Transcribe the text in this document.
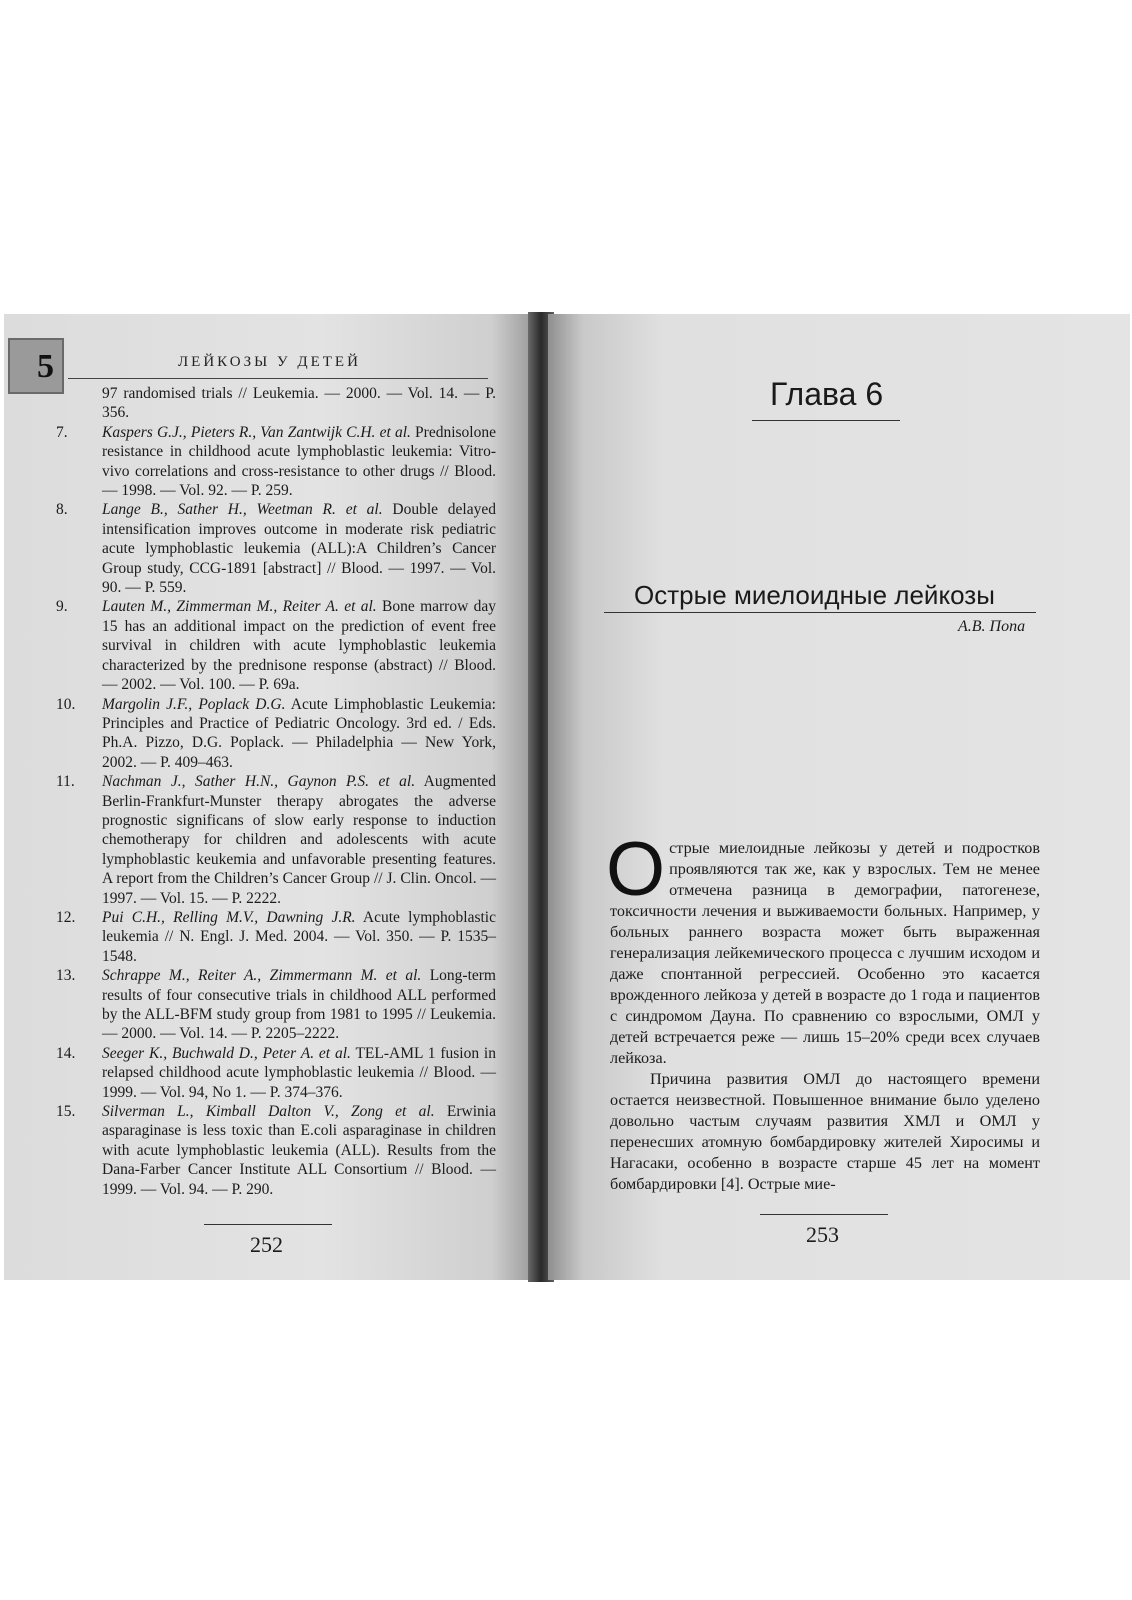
5	ЛЕЙКОЗЫ У ДЕТЕЙ
97 randomised trials // Leukemia. — 2000. — Vol. 14. — P. 356.
7.	Kaspers G.J., Pieters R., Van Zantwijk C.H. et al. Prednisolone resistance in childhood acute lymphoblastic leukemia: Vitro-vivo correlations and cross-resistance to other drugs // Blood. — 1998. — Vol. 92. — P. 259.
8.	Lange B., Sather H., Weetman R. et al. Double delayed intensification improves outcome in moderate risk pediatric acute lymphoblastic leukemia (ALL):A Children’s Cancer Group study, CCG-1891 [abstract] // Blood. — 1997. — Vol. 90. — P. 559.
9.	Lauten M., Zimmerman M., Reiter A. et al. Bone marrow day 15 has an additional impact on the prediction of event free survival in children with acute lymphoblastic leukemia characterized by the prednisone response (abstract) // Blood. — 2002. — Vol. 100. — P. 69a.
10.	Margolin J.F., Poplack D.G. Acute Limphoblastic Leukemia: Principles and Practice of Pediatric Oncology. 3rd ed. / Eds. Ph.A. Pizzo, D.G. Poplack. — Philadelphia — New York, 2002. — P. 409–463.
11.	Nachman J., Sather H.N., Gaynon P.S. et al. Augmented Berlin-Frankfurt-Munster therapy abrogates the adverse prognostic significans of slow early response to induction chemotherapy for children and adolescents with acute lymphoblastic keukemia and unfavorable presenting features. A report from the Children’s Cancer Group // J. Clin. Oncol. — 1997. — Vol. 15. — P. 2222.
12.	Pui C.H., Relling M.V., Dawning J.R. Acute lymphoblastic leukemia // N. Engl. J. Med. 2004. — Vol. 350. — P. 1535–1548.
13.	Schrappe M., Reiter A., Zimmermann M. et al. Long-term results of four consecutive trials in childhood ALL performed by the ALL-BFM study group from 1981 to 1995 // Leukemia. — 2000. — Vol. 14. — P. 2205–2222.
14.	Seeger K., Buchwald D., Peter A. et al. TEL-AML 1 fusion in relapsed childhood acute lymphoblastic leukemia // Blood. — 1999. — Vol. 94, No 1. — P. 374–376.
15.	Silverman L., Kimball Dalton V., Zong et al. Erwinia asparaginase is less toxic than E.coli asparaginase in children with acute lymphoblastic leukemia (ALL). Results from the Dana-Farber Cancer Institute ALL Consortium // Blood. — 1999. — Vol. 94. — P. 290.
252
Глава 6
Острые миелоидные лейкозы
А.В. Попа

Острые миелоидные лейкозы у детей и подростков проявляются так же, как у взрослых. Тем не менее отмечена разница в демографии, патогенезе, токсичности лечения и выживаемости больных. Например, у больных раннего возраста может быть выраженная генерализация лейкемического процесса с лучшим исходом и даже спонтанной регрессией. Особенно это касается врожденного лейкоза у детей в возрасте до 1 года и пациентов с синдромом Дауна. По сравнению со взрослыми, ОМЛ у детей встречается реже — лишь 15–20% среди всех случаев лейкоза.

Причина развития ОМЛ до настоящего времени остается неизвестной. Повышенное внимание было уделено довольно частым случаям развития ХМЛ и ОМЛ у перенесших атомную бомбардировку жителей Хиросимы и Нагасаки, особенно в возрасте старше 45 лет на момент бомбардировки [4]. Острые мие-

253
